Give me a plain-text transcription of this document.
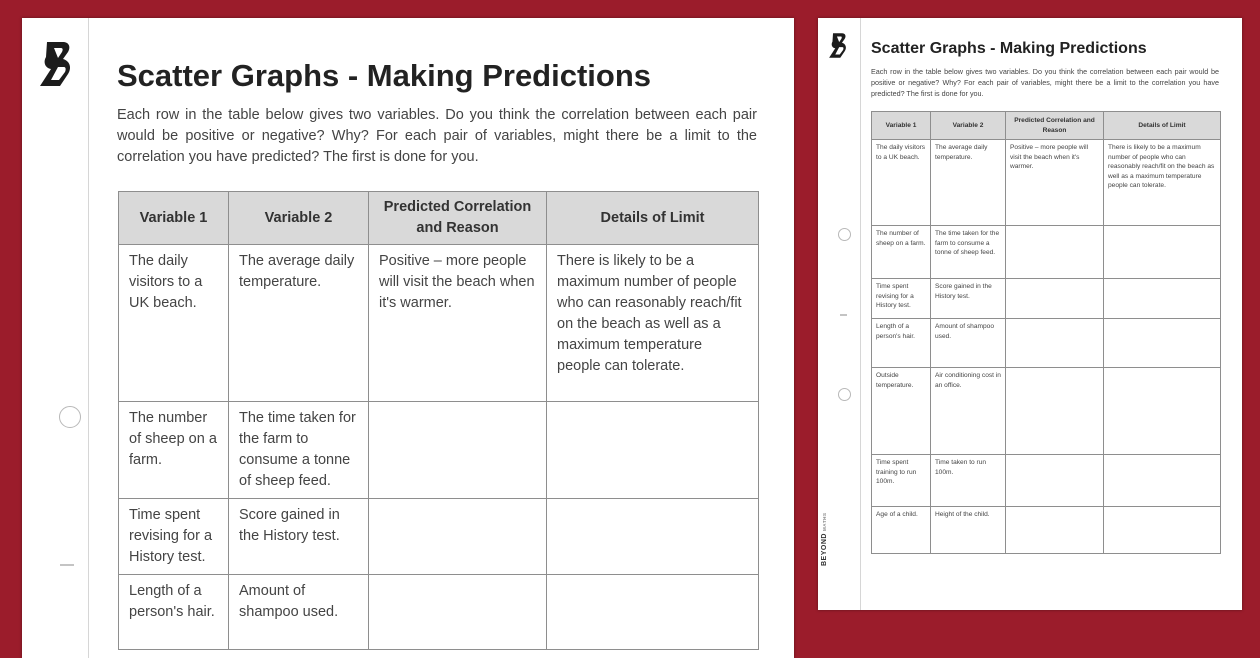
Scatter Graphs - Making Predictions

Each row in the table below gives two variables. Do you think the correlation between each pair would be positive or negative? Why? For each pair of variables, might there be a limit to the correlation you have predicted? The first is done for you.

Variable 1	Variable 2	Predicted Correlation and Reason	Details of Limit
The daily visitors to a UK beach.	The average daily temperature.	Positive – more people will visit the beach when it's warmer.	There is likely to be a maximum number of people who can reasonably reach/fit on the beach as well as a maximum temperature people can tolerate.
The number of sheep on a farm.	The time taken for the farm to consume a tonne of sheep feed.		
Time spent revising for a History test.	Score gained in the History test.		
Length of a person's hair.	Amount of shampoo used.		
Scatter Graphs - Making Predictions

Each row in the table below gives two variables. Do you think the correlation between each pair would be positive or negative? Why? For each pair of variables, might there be a limit to the correlation you have predicted? The first is done for you.

Variable 1	Variable 2	Predicted Correlation and Reason	Details of Limit
The daily visitors to a UK beach.	The average daily temperature.	Positive – more people will visit the beach when it's warmer.	There is likely to be a maximum number of people who can reasonably reach/fit on the beach as well as a maximum temperature people can tolerate.
The number of sheep on a farm.	The time taken for the farm to consume a tonne of sheep feed.		
Time spent revising for a History test.	Score gained in the History test.		
Length of a person's hair.	Amount of shampoo used.		
Outside temperature.	Air conditioning cost in an office.		
Time spent training to run 100m.	Time taken to run 100m.		
Age of a child.	Height of the child.		
BEYONDMATHS
